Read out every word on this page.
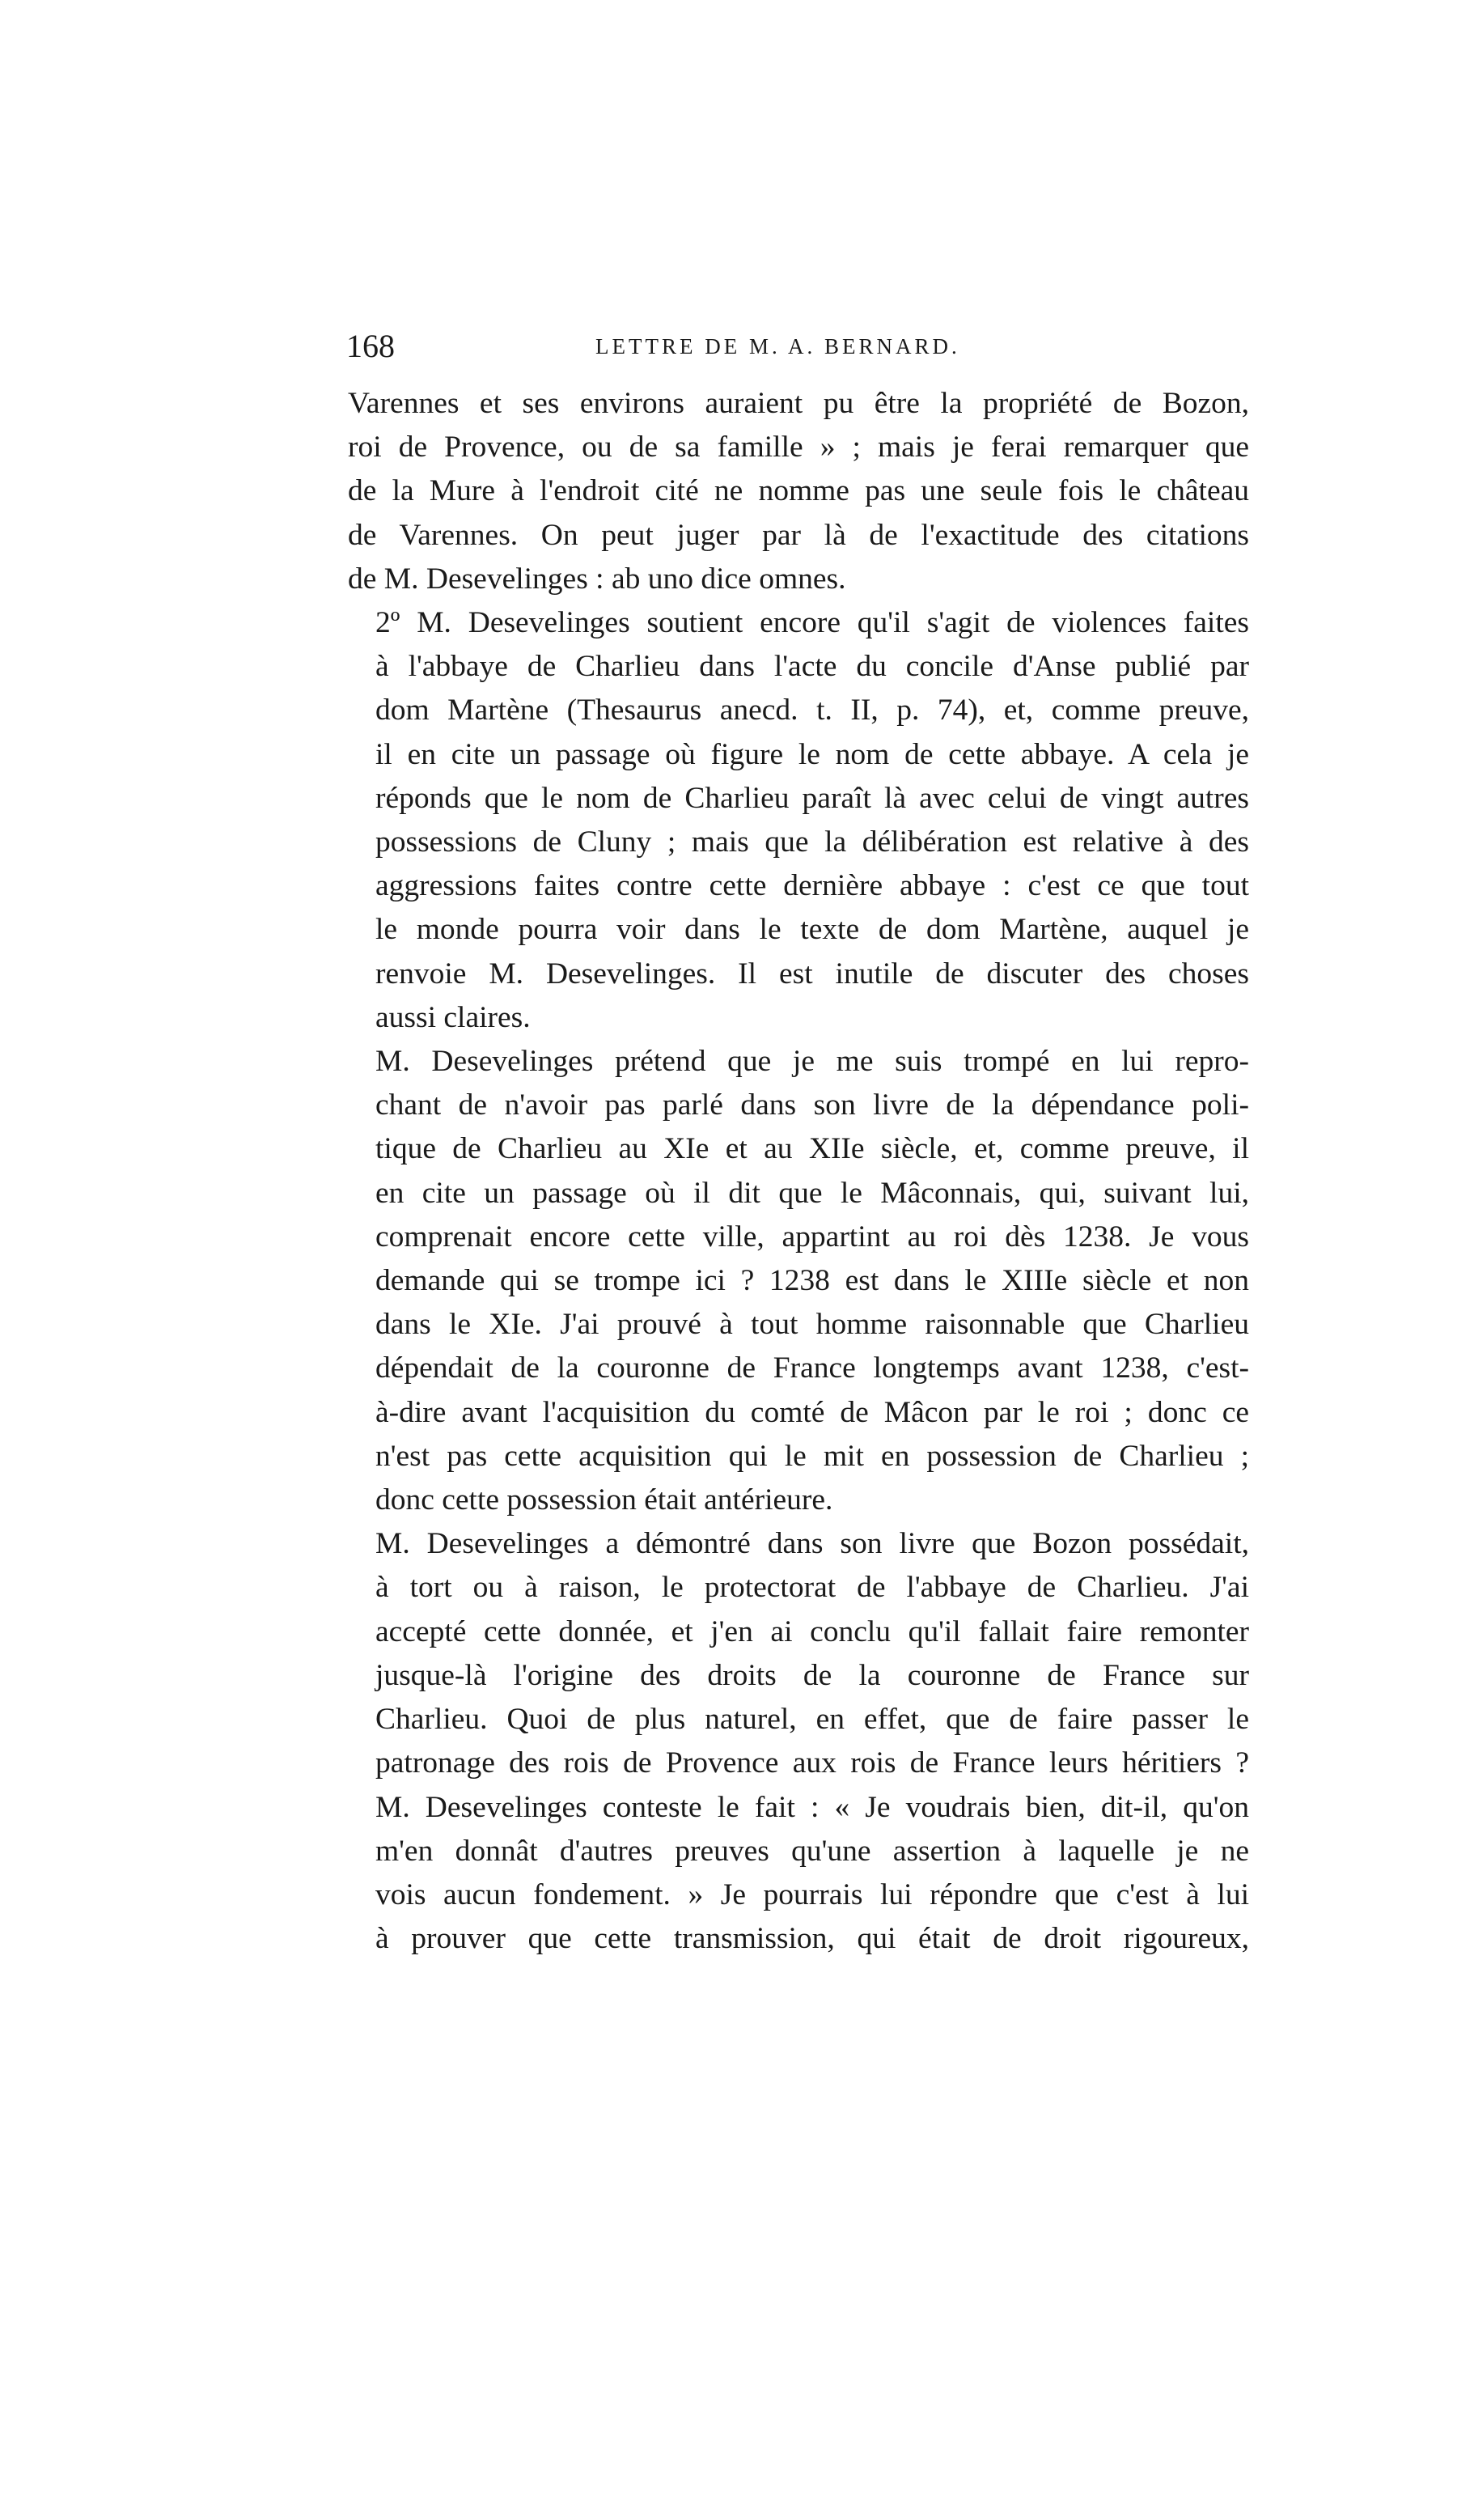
168	LETTRE DE M. A. BERNARD.

Varennes et ses environs auraient pu être la propriété de Bozon,
roi de Provence, ou de sa famille » ; mais je ferai remarquer que
de la Mure à l'endroit cité ne nomme pas une seule fois le château
de Varennes. On peut juger par là de l'exactitude des citations
de M. Desevelinges : ab uno dice omnes.

2º M. Desevelinges soutient encore qu'il s'agit de violences faites
à l'abbaye de Charlieu dans l'acte du concile d'Anse publié par
dom Martène (Thesaurus anecd. t. II, p. 74), et, comme preuve,
il en cite un passage où figure le nom de cette abbaye. A cela je
réponds que le nom de Charlieu paraît là avec celui de vingt autres
possessions de Cluny ; mais que la délibération est relative à des
aggressions faites contre cette dernière abbaye : c'est ce que tout
le monde pourra voir dans le texte de dom Martène, auquel je
renvoie M. Desevelinges. Il est inutile de discuter des choses
aussi claires.

M. Desevelinges prétend que je me suis trompé en lui repro-
chant de n'avoir pas parlé dans son livre de la dépendance poli-
tique de Charlieu au XIe et au XIIe siècle, et, comme preuve, il
en cite un passage où il dit que le Mâconnais, qui, suivant lui,
comprenait encore cette ville, appartint au roi dès 1238. Je vous
demande qui se trompe ici ? 1238 est dans le XIIIe siècle et non
dans le XIe. J'ai prouvé à tout homme raisonnable que Charlieu
dépendait de la couronne de France longtemps avant 1238, c'est-
à-dire avant l'acquisition du comté de Mâcon par le roi ; donc ce
n'est pas cette acquisition qui le mit en possession de Charlieu ;
donc cette possession était antérieure.

M. Desevelinges a démontré dans son livre que Bozon possédait,
à tort ou à raison, le protectorat de l'abbaye de Charlieu. J'ai
accepté cette donnée, et j'en ai conclu qu'il fallait faire remonter
jusque-là l'origine des droits de la couronne de France sur
Charlieu. Quoi de plus naturel, en effet, que de faire passer le
patronage des rois de Provence aux rois de France leurs héritiers ?
M. Desevelinges conteste le fait : « Je voudrais bien, dit-il, qu'on
m'en donnât d'autres preuves qu'une assertion à laquelle je ne
vois aucun fondement. » Je pourrais lui répondre que c'est à lui
à prouver que cette transmission, qui était de droit rigoureux,
